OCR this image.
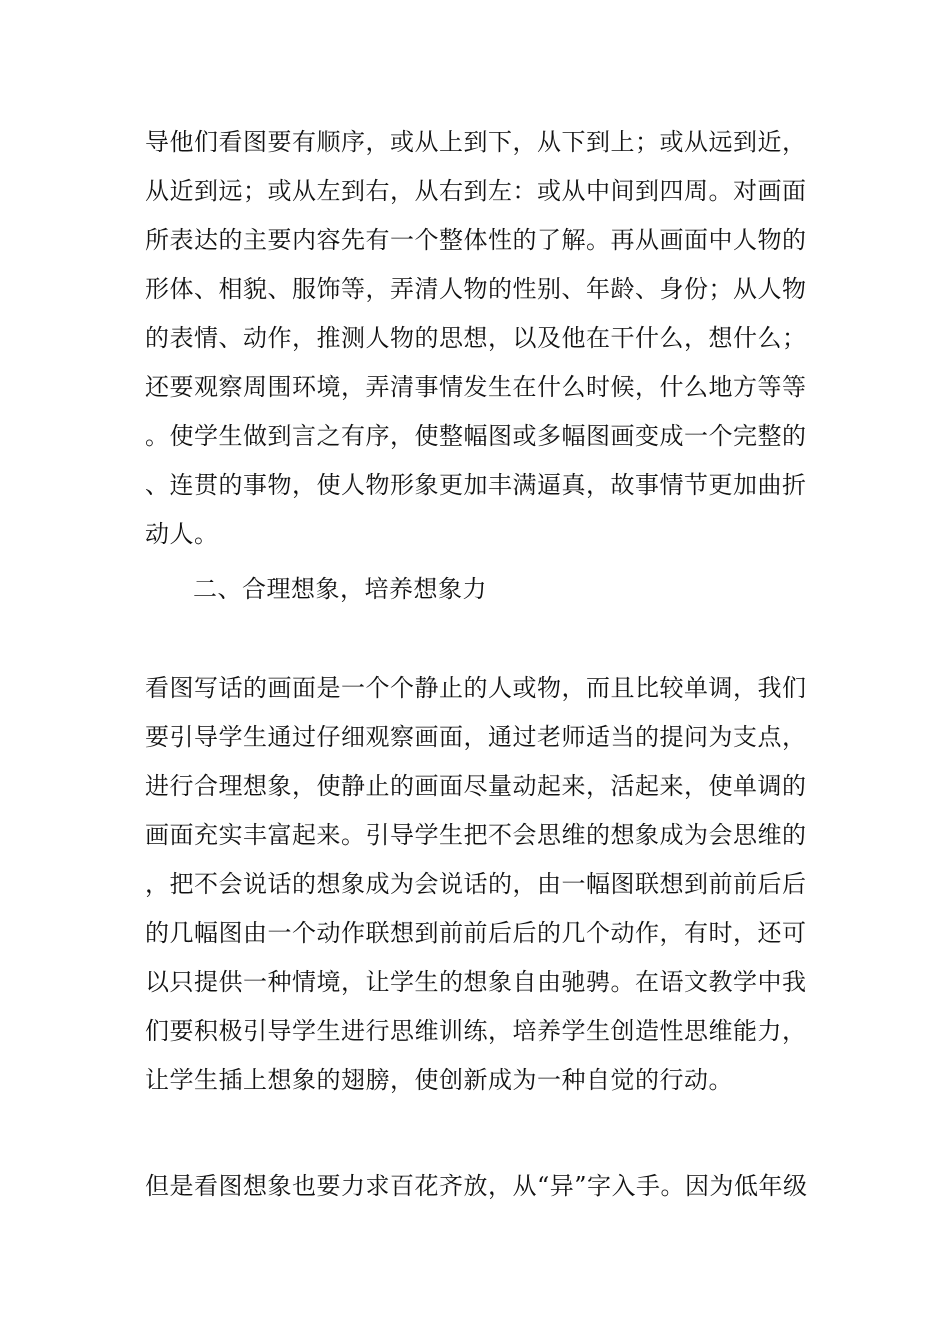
导他们看图要有顺序，或从上到下，从下到上；或从远到近，
从近到远；或从左到右，从右到左：或从中间到四周。对画面
所表达的主要内容先有一个整体性的了解。再从画面中人物的
形体、相貌、服饰等，弄清人物的性别、年龄、身份；从人物
的表情、动作，推测人物的思想，以及他在干什么，想什么；
还要观察周围环境，弄清事情发生在什么时候，什么地方等等
。使学生做到言之有序，使整幅图或多幅图画变成一个完整的
、连贯的事物，使人物形象更加丰满逼真，故事情节更加曲折
动人。
二、合理想象，培养想象力
看图写话的画面是一个个静止的人或物，而且比较单调，我们
要引导学生通过仔细观察画面，通过老师适当的提问为支点，
进行合理想象，使静止的画面尽量动起来，活起来，使单调的
画面充实丰富起来。引导学生把不会思维的想象成为会思维的
，把不会说话的想象成为会说话的，由一幅图联想到前前后后
的几幅图由一个动作联想到前前后后的几个动作，有时，还可
以只提供一种情境，让学生的想象自由驰骋。在语文教学中我
们要积极引导学生进行思维训练，培养学生创造性思维能力，
让学生插上想象的翅膀，使创新成为一种自觉的行动。
但是看图想象也要力求百花齐放，从“异”字入手。因为低年级
